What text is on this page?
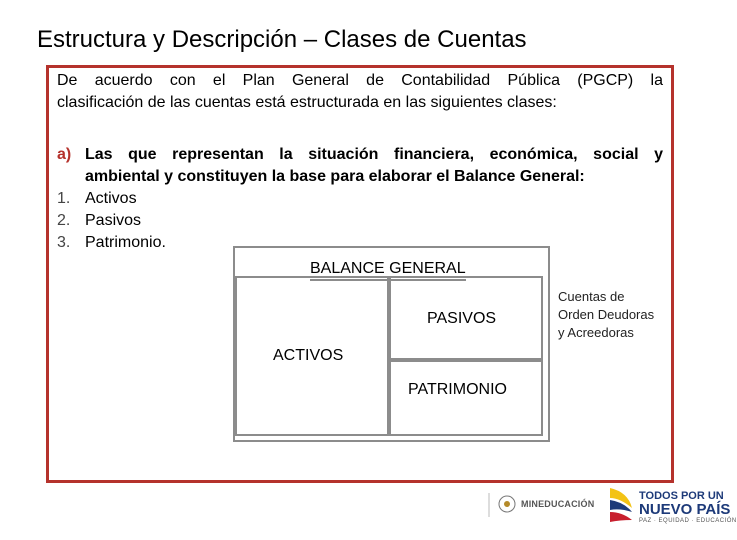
Estructura y Descripción – Clases de Cuentas
De acuerdo con el Plan General de Contabilidad Pública (PGCP) la
clasificación de las cuentas está estructurada en las siguientes clases:
a) Las que representan la situación financiera, económica, social y
ambiental y constituyen la base para elaborar el Balance General:
1. Activos
2. Pasivos
3. Patrimonio.
BALANCE GENERAL
PASIVOS
ACTIVOS
PATRIMONIO
Cuentas de
Orden Deudoras
y Acreedoras
MINEDUCACIÓN
TODOS POR UN
NUEVO PAÍS
PAZ · EQUIDAD · EDUCACIÓN
